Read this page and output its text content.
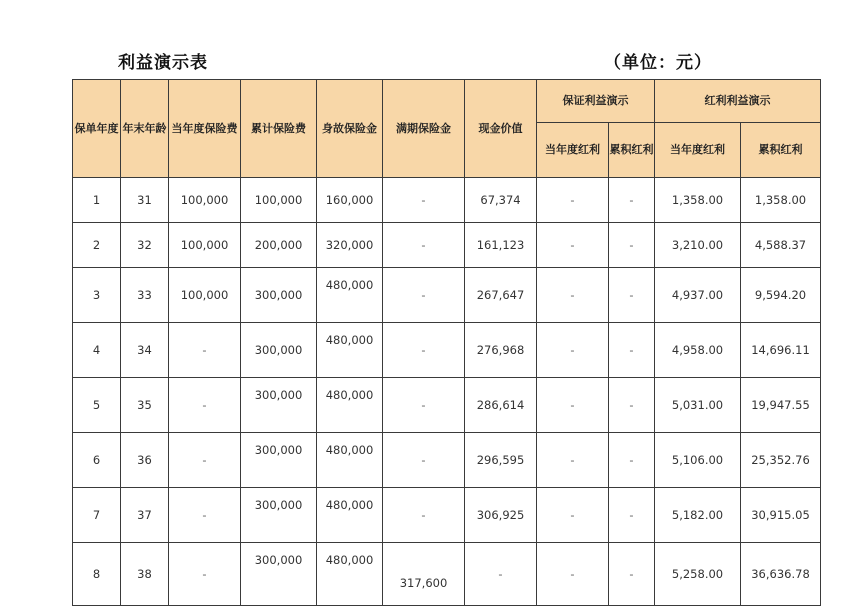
利益演示表	（单位：元）
保单年度	年末年龄	当年度保险费	累计保险费	身故保险金	满期保险金	现金价值	保证利益演示		红利利益演示	
							当年度红利	累积红利	当年度红利	累积红利
1	31	100,000	100,000	160,000	-	67,374	-	-	1,358.00	1,358.00
2	32	100,000	200,000	320,000	-	161,123	-	-	3,210.00	4,588.37
3	33	100,000	300,000	480,000	-	267,647	-	-	4,937.00	9,594.20
4	34	-	300,000	480,000	-	276,968	-	-	4,958.00	14,696.11
5	35	-	300,000	480,000	-	286,614	-	-	5,031.00	19,947.55
6	36	-	300,000	480,000	-	296,595	-	-	5,106.00	25,352.76
7	37	-	300,000	480,000	-	306,925	-	-	5,182.00	30,915.05
8	38	-	300,000	480,000	317,600	-	-	-	5,258.00	36,636.78
